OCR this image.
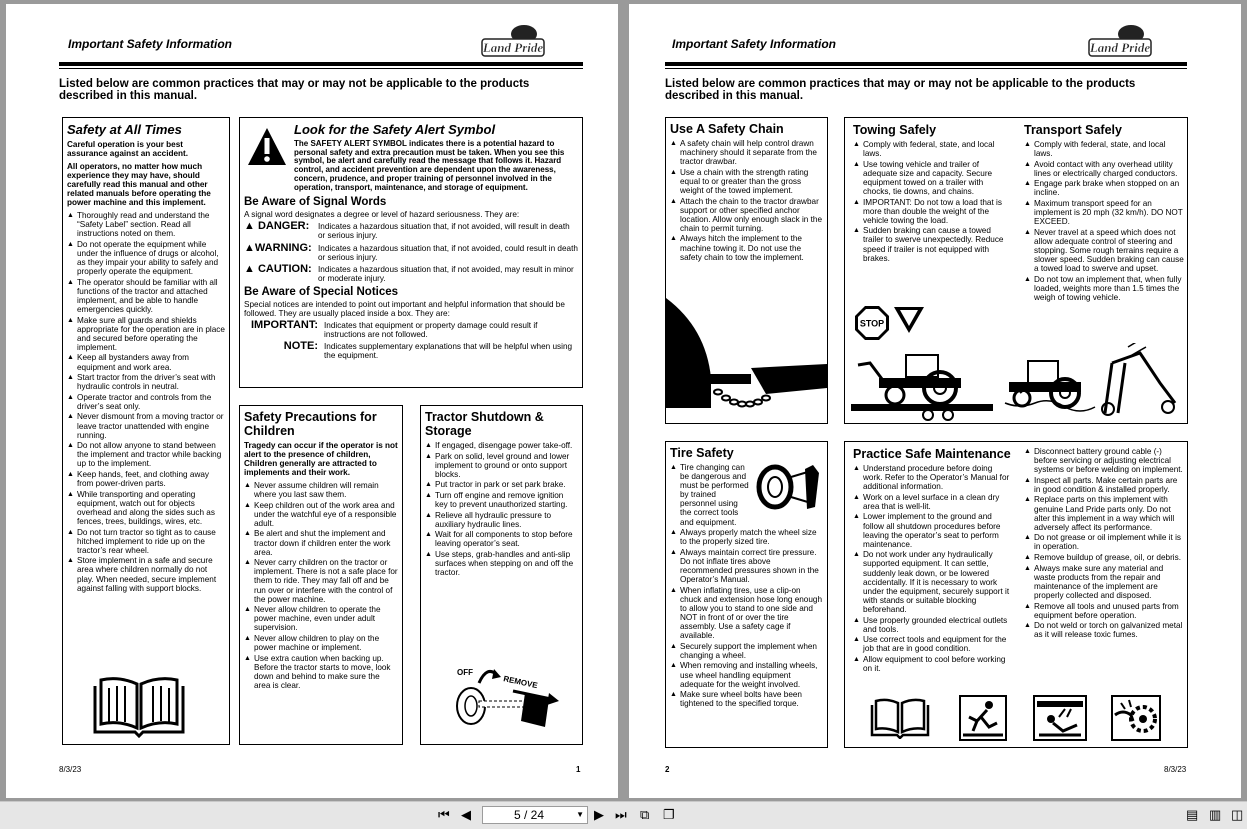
Important Safety Information	Land Pride
Listed below are common practices that may or may not be applicable to the products described in this manual.
Safety at All Times

Careful operation is your best assurance against an accident.

All operators, no matter how much experience they may have, should carefully read this manual and other related manuals before operating the power machine and this implement.

▲ Thoroughly read and understand the “Safety Label” section. Read all instructions noted on them.
▲ Do not operate the equipment while under the influence of drugs or alcohol, as they impair your ability to safely and properly operate the equipment.
▲ The operator should be familiar with all functions of the tractor and attached implement, and be able to handle emergencies quickly.
▲ Make sure all guards and shields appropriate for the operation are in place and secured before operating the implement.
▲ Keep all bystanders away from equipment and work area.
▲ Start tractor from the driver’s seat with hydraulic controls in neutral.
▲ Operate tractor and controls from the driver’s seat only.
▲ Never dismount from a moving tractor or leave tractor unattended with engine running.
▲ Do not allow anyone to stand between the implement and tractor while backing up to the implement.
▲ Keep hands, feet, and clothing away from power-driven parts.
▲ While transporting and operating equipment, watch out for objects overhead and along the sides such as fences, trees, buildings, wires, etc.
▲ Do not turn tractor so tight as to cause hitched implement to ride up on the tractor’s rear wheel.
▲ Store implement in a safe and secure area where children normally do not play. When needed, secure implement against falling with support blocks.
Look for the Safety Alert Symbol

The SAFETY ALERT SYMBOL indicates there is a potential hazard to personal safety and extra precaution must be taken. When you see this symbol, be alert and carefully read the message that follows it. Hazard control, and accident prevention are dependent upon the awareness, concern, prudence, and proper training of personnel involved in the operation, transport, maintenance, and storage of equipment.

Be Aware of Signal Words
A signal word designates a degree or level of hazard seriousness. They are:
▲ DANGER:	Indicates a hazardous situation that, if not avoided, will result in death or serious injury.
▲WARNING: Indicates a hazardous situation that, if not avoided, could result in death or serious injury.
▲ CAUTION: Indicates a hazardous situation that, if not avoided, may result in minor or moderate injury.
Be Aware of Special Notices
Special notices are intended to point out important and helpful information that should be followed. They are usually placed inside a box. They are:
IMPORTANT: Indicates that equipment or property damage could result if instructions are not followed.
NOTE: Indicates supplementary explanations that will be helpful when using the equipment.
Safety Precautions for Children

Tragedy can occur if the operator is not alert to the presence of children, Children generally are attracted to implements and their work.

▲ Never assume children will remain where you last saw them.
▲ Keep children out of the work area and under the watchful eye of a responsible adult.
▲ Be alert and shut the implement and tractor down if children enter the work area.
▲ Never carry children on the tractor or implement. There is not a safe place for them to ride. They may fall off and be run over or interfere with the control of the power machine.
▲ Never allow children to operate the power machine, even under adult supervision.
▲ Never allow children to play on the power machine or implement.
▲ Use extra caution when backing up. Before the tractor starts to move, look down and behind to make sure the area is clear.
Tractor Shutdown & Storage
▲ If engaged, disengage power take-off.
▲ Park on solid, level ground and lower implement to ground or onto support blocks.
▲ Put tractor in park or set park brake.
▲ Turn off engine and remove ignition key to prevent unauthorized starting.
▲ Relieve all hydraulic pressure to auxiliary hydraulic lines.
▲ Wait for all components to stop before leaving operator’s seat.
▲ Use steps, grab-handles and anti-slip surfaces when stepping on and off the tractor.
OFF
REMOVE
8/3/23	1
Important Safety Information	Land Pride
Listed below are common practices that may or may not be applicable to the products described in this manual.
Use A Safety Chain
▲ A safety chain will help control drawn machinery should it separate from the tractor drawbar.
▲ Use a chain with the strength rating equal to or greater than the gross weight of the towed implement.
▲ Attach the chain to the tractor drawbar support or other specified anchor location. Allow only enough slack in the chain to permit turning.
▲ Always hitch the implement to the machine towing it. Do not use the safety chain to tow the implement.
Towing Safely
▲ Comply with federal, state, and local laws.
▲ Use towing vehicle and trailer of adequate size and capacity. Secure equipment towed on a trailer with chocks, tie downs, and chains.
▲ IMPORTANT: Do not tow a load that is more than double the weight of the vehicle towing the load.
▲ Sudden braking can cause a towed trailer to swerve unexpectedly. Reduce speed if trailer is not equipped with brakes.
Transport Safely
▲ Comply with federal, state, and local laws.
▲ Avoid contact with any overhead utility lines or electrically charged conductors.
▲ Engage park brake when stopped on an incline.
▲ Maximum transport speed for an implement is 20 mph (32 km/h). DO NOT EXCEED.
▲ Never travel at a speed which does not allow adequate control of steering and stopping. Some rough terrains require a slower speed. Sudden braking can cause a towed load to swerve and upset.
▲ Do not tow an implement that, when fully loaded, weights more than 1.5 times the weigh of towing vehicle.
STOP
Tire Safety
▲ Tire changing can be dangerous and must be performed by trained personnel using the correct tools and equipment.
▲ Always properly match the wheel size to the properly sized tire.
▲ Always maintain correct tire pressure. Do not inflate tires above recommended pressures shown in the Operator’s Manual.
▲ When inflating tires, use a clip-on chuck and extension hose long enough to allow you to stand to one side and NOT in front of or over the tire assembly. Use a safety cage if available.
▲ Securely support the implement when changing a wheel.
▲ When removing and installing wheels, use wheel handling equipment adequate for the weight involved.
▲ Make sure wheel bolts have been tightened to the specified torque.
Practice Safe Maintenance
▲ Understand procedure before doing work. Refer to the Operator’s Manual for additional information.
▲ Work on a level surface in a clean dry area that is well-lit.
▲ Lower implement to the ground and follow all shutdown procedures before leaving the operator’s seat to perform maintenance.
▲ Do not work under any hydraulically supported equipment. It can settle, suddenly leak down, or be lowered accidentally. If it is necessary to work under the equipment, securely support it with stands or suitable blocking beforehand.
▲ Use properly grounded electrical outlets and tools.
▲ Use correct tools and equipment for the job that are in good condition.
▲ Allow equipment to cool before working on it.
▲ Disconnect battery ground cable (-) before servicing or adjusting electrical systems or before welding on implement.
▲ Inspect all parts. Make certain parts are in good condition & installed properly.
▲ Replace parts on this implement with genuine Land Pride parts only. Do not alter this implement in a way which will adversely affect its performance.
▲ Do not grease or oil implement while it is in operation.
▲ Remove buildup of grease, oil, or debris.
▲ Always make sure any material and waste products from the repair and maintenance of the implement are properly collected and disposed.
▲ Remove all tools and unused parts from equipment before operation.
▲ Do not weld or torch on galvanized metal as it will release toxic fumes.
2	8/3/23
⏮ ◀	5 / 24	▼ ▶ ⏭ ⧉ ❐	▤ ▥ ◫
